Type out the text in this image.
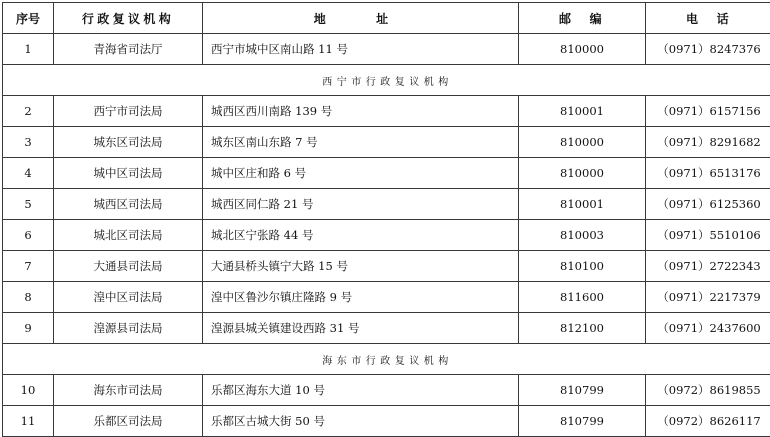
序号	行政复议机构	地　址	邮　编	电　话
1	青海省司法厅	西宁市城中区南山路 11 号	810000	（0971）8247376
西宁市行政复议机构				
2	西宁市司法局	城西区西川南路 139 号	810001	（0971）6157156
3	城东区司法局	城东区南山东路 7 号	810000	（0971）8291682
4	城中区司法局	城中区庄和路 6 号	810000	（0971）6513176
5	城西区司法局	城西区同仁路 21 号	810001	（0971）6125360
6	城北区司法局	城北区宁张路 44 号	810003	（0971）5510106
7	大通县司法局	大通县桥头镇宁大路 15 号	810100	（0971）2722343
8	湟中区司法局	湟中区鲁沙尔镇庄隆路 9 号	811600	（0971）2217379
9	湟源县司法局	湟源县城关镇建设西路 31 号	812100	（0971）2437600
海东市行政复议机构				
10	海东市司法局	乐都区海东大道 10 号	810799	（0972）8619855
11	乐都区司法局	乐都区古城大街 50 号	810799	（0972）8626117
